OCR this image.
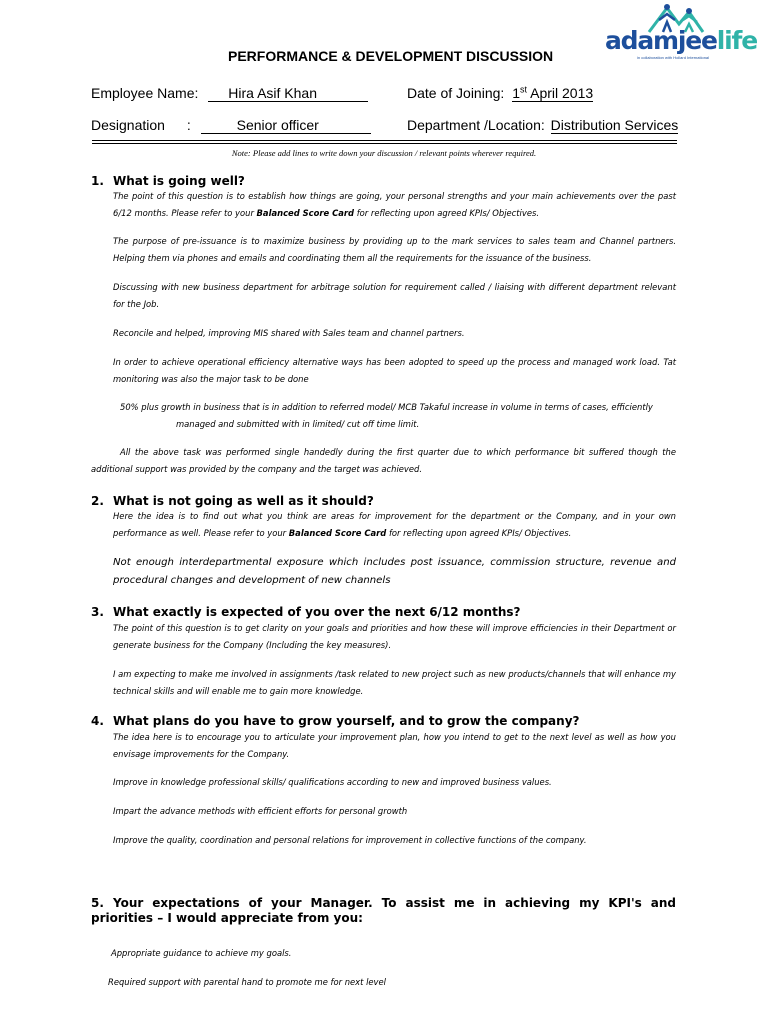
adamjeelife
in collaboration with Hollard International
PERFORMANCE & DEVELOPMENT DISCUSSION
Employee Name: Hira Asif Khan	Date of Joining: 1st April 2013
Designation :	Senior officer	Department /Location: Distribution Services
Note: Please add lines to write down your discussion / relevant points wherever required.
1. What is going well?
The point of this question is to establish how things are going, your personal strengths and your main achievements over the past 6/12 months. Please refer to your Balanced Score Card for reflecting upon agreed KPIs/ Objectives.
The purpose of pre-issuance is to maximize business by providing up to the mark services to sales team and Channel partners. Helping them via phones and emails and coordinating them all the requirements for the issuance of the business.
Discussing with new business department for arbitrage solution for requirement called / liaising with different department relevant for the Job.
Reconcile and helped, improving MIS shared with Sales team and channel partners.
In order to achieve operational efficiency alternative ways has been adopted to speed up the process and managed work load. Tat monitoring was also the major task to be done
50% plus growth in business that is in addition to referred model/ MCB Takaful increase in volume in terms of cases, efficiently
managed and submitted with in limited/ cut off time limit.
All the above task was performed single handedly during the first quarter due to which performance bit suffered though the additional support was provided by the company and the target was achieved.
2. What is not going as well as it should?
Here the idea is to find out what you think are areas for improvement for the department or the Company, and in your own performance as well. Please refer to your Balanced Score Card for reflecting upon agreed KPIs/ Objectives.
Not enough interdepartmental exposure which includes post issuance, commission structure, revenue and procedural changes and development of new channels
3. What exactly is expected of you over the next 6/12 months?
The point of this question is to get clarity on your goals and priorities and how these will improve efficiencies in their Department or generate business for the Company (Including the key measures).
I am expecting to make me involved in assignments /task related to new project such as new products/channels that will enhance my technical skills and will enable me to gain more knowledge.
4. What plans do you have to grow yourself, and to grow the company?
The idea here is to encourage you to articulate your improvement plan, how you intend to get to the next level as well as how you envisage improvements for the Company.
Improve in knowledge professional skills/ qualifications according to new and improved business values.
Impart the advance methods with efficient efforts for personal growth
Improve the quality, coordination and personal relations for improvement in collective functions of the company.
5. Your expectations of your Manager. To assist me in achieving my KPI's and priorities – I would appreciate from you:
Appropriate guidance to achieve my goals.
Required support with parental hand to promote me for next level
